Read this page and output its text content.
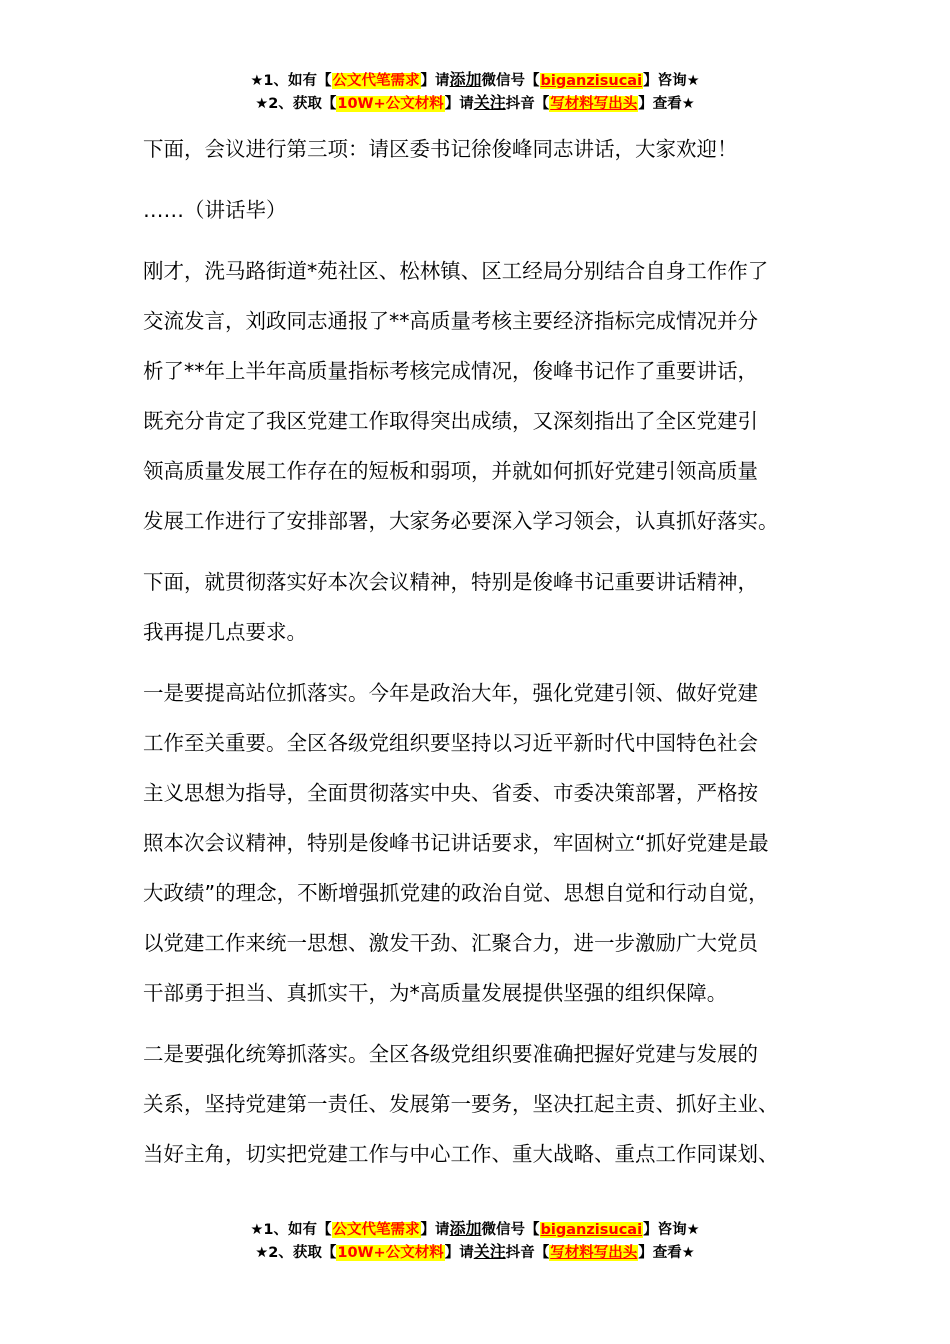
★1、如有【公文代笔需求】请添加微信号【biganzisucai】咨询★
★2、获取【10W+公文材料】请关注抖音【写材料写出头】查看★

下面，会议进行第三项：请区委书记徐俊峰同志讲话，大家欢迎！

……（讲话毕）

刚才，洗马路街道*苑社区、松林镇、区工经局分别结合自身工作作了
交流发言，刘政同志通报了**高质量考核主要经济指标完成情况并分
析了**年上半年高质量指标考核完成情况，俊峰书记作了重要讲话，
既充分肯定了我区党建工作取得突出成绩，又深刻指出了全区党建引
领高质量发展工作存在的短板和弱项，并就如何抓好党建引领高质量
发展工作进行了安排部署，大家务必要深入学习领会，认真抓好落实。

下面，就贯彻落实好本次会议精神，特别是俊峰书记重要讲话精神，
我再提几点要求。

一是要提高站位抓落实。今年是政治大年，强化党建引领、做好党建
工作至关重要。全区各级党组织要坚持以习近平新时代中国特色社会
主义思想为指导，全面贯彻落实中央、省委、市委决策部署，严格按
照本次会议精神，特别是俊峰书记讲话要求，牢固树立“抓好党建是最
大政绩”的理念，不断增强抓党建的政治自觉、思想自觉和行动自觉，
以党建工作来统一思想、激发干劲、汇聚合力，进一步激励广大党员
干部勇于担当、真抓实干，为*高质量发展提供坚强的组织保障。

二是要强化统筹抓落实。全区各级党组织要准确把握好党建与发展的
关系，坚持党建第一责任、发展第一要务，坚决扛起主责、抓好主业、
当好主角，切实把党建工作与中心工作、重大战略、重点工作同谋划、

★1、如有【公文代笔需求】请添加微信号【biganzisucai】咨询★
★2、获取【10W+公文材料】请关注抖音【写材料写出头】查看★
